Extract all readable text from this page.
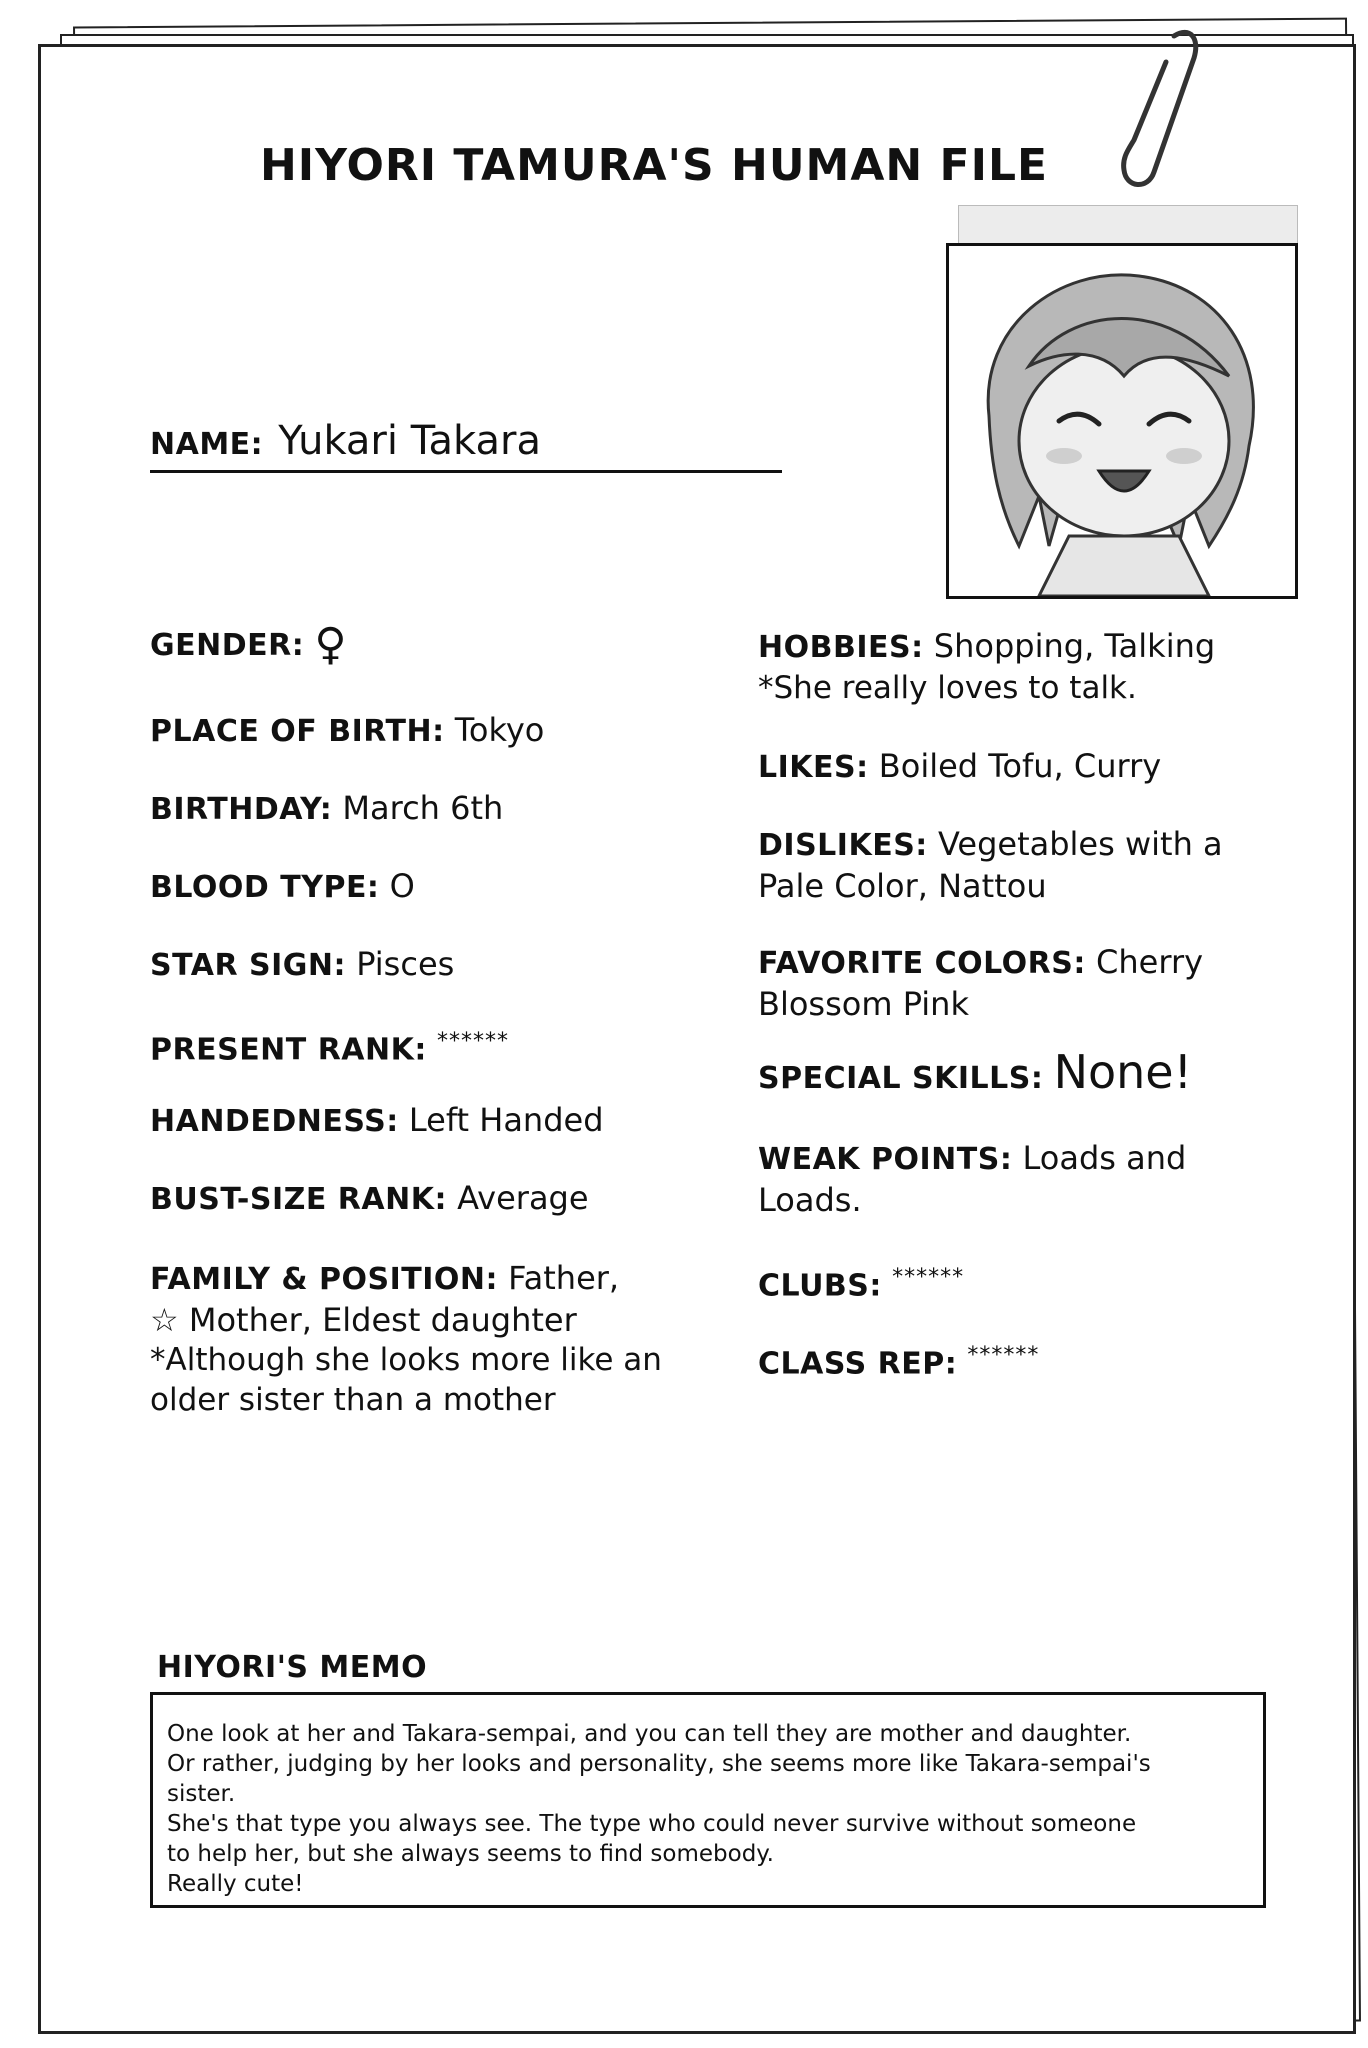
HIYORI TAMURA'S HUMAN FILE
NAME: Yukari Takara
GENDER: ♀
PLACE OF BIRTH: Tokyo
BIRTHDAY: March 6th
BLOOD TYPE: O
STAR SIGN: Pisces
PRESENT RANK: ******
HANDEDNESS: Left Handed
BUST-SIZE RANK: Average
FAMILY & POSITION: Father,
☆ Mother, Eldest daughter
*Although she looks more like an
older sister than a mother
HOBBIES: Shopping, Talking
*She really loves to talk.
LIKES: Boiled Tofu, Curry
DISLIKES: Vegetables with a
Pale Color, Nattou
FAVORITE COLORS: Cherry
Blossom Pink
SPECIAL SKILLS: None!
WEAK POINTS: Loads and
Loads.
CLUBS: ******
CLASS REP: ******
HIYORI'S MEMO
One look at her and Takara-sempai, and you can tell they are mother and daughter.
Or rather, judging by her looks and personality, she seems more like Takara-sempai's
sister.
She's that type you always see. The type who could never survive without someone
to help her, but she always seems to find somebody.
Really cute!
